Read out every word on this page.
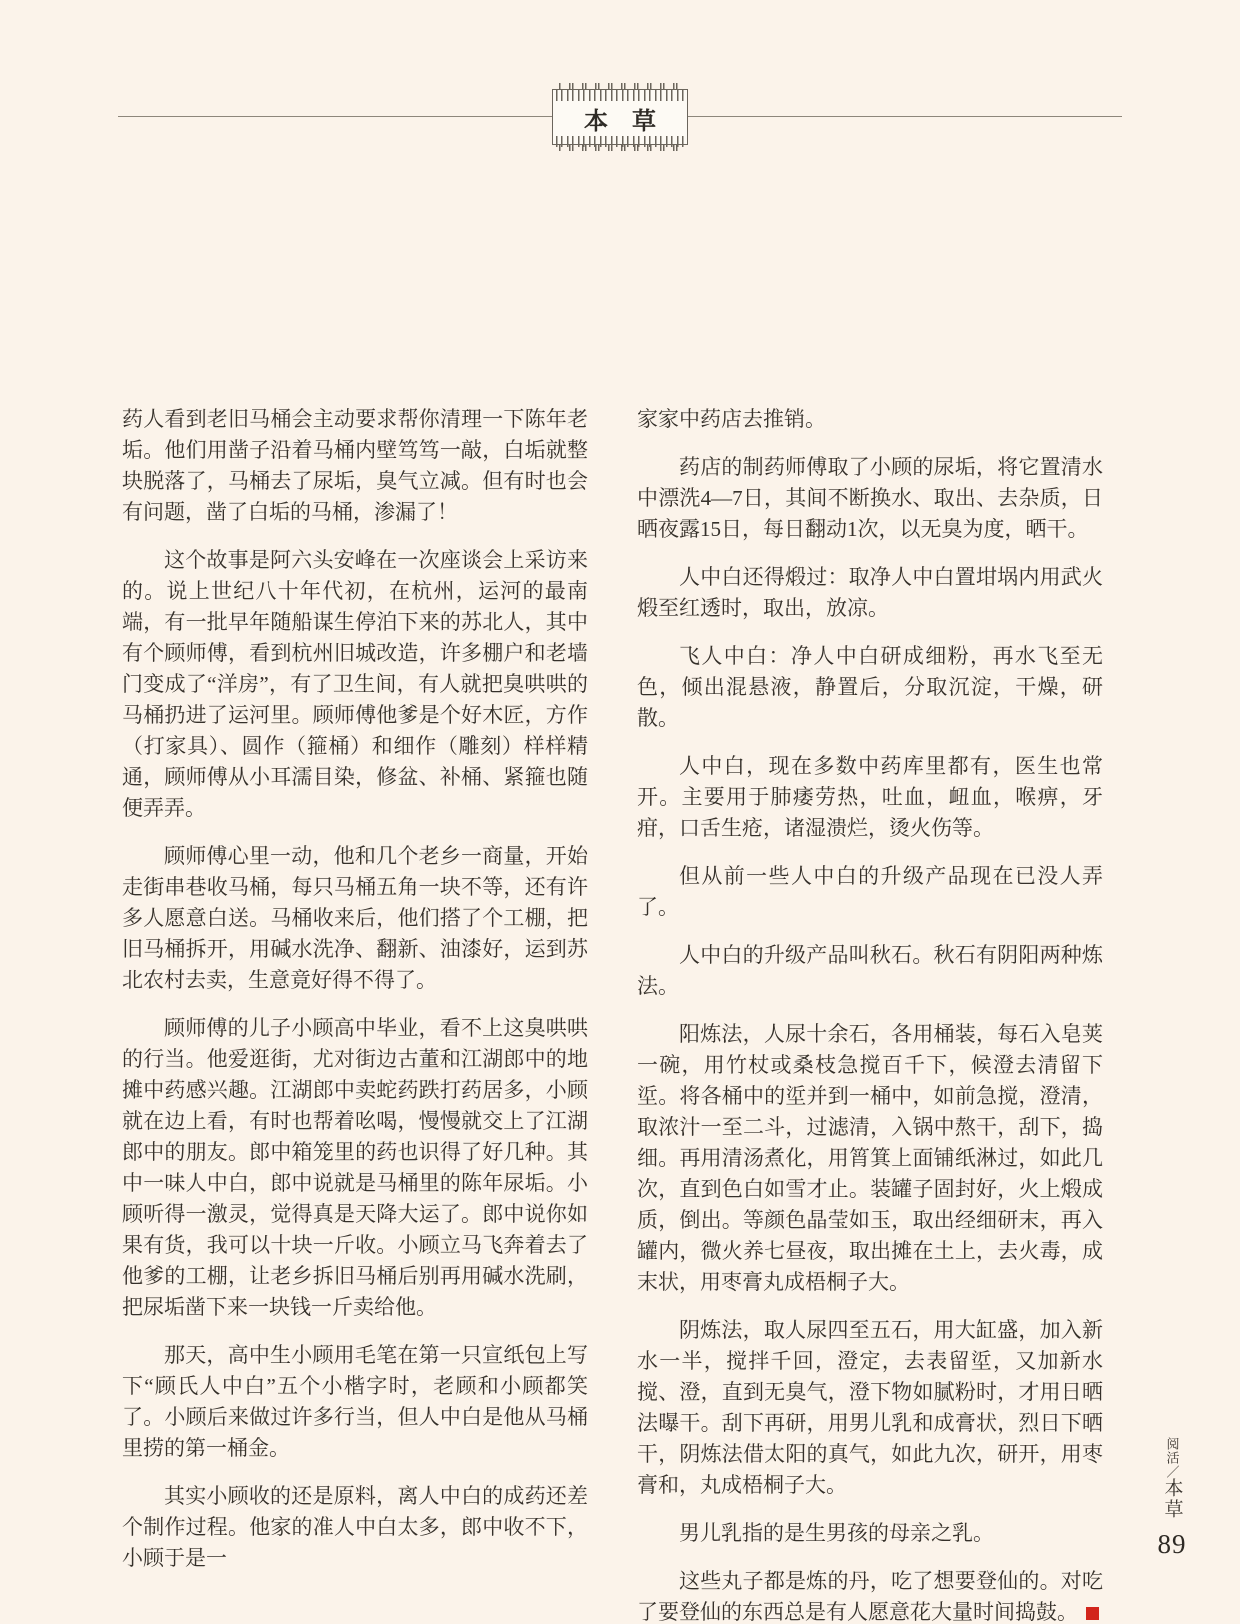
本草

药人看到老旧马桶会主动要求帮你清理一下陈年老垢。他们用凿子沿着马桶内壁笃笃一敲，白垢就整块脱落了，马桶去了尿垢，臭气立减。但有时也会有问题，凿了白垢的马桶，渗漏了！

这个故事是阿六头安峰在一次座谈会上采访来的。说上世纪八十年代初，在杭州，运河的最南端，有一批早年随船谋生停泊下来的苏北人，其中有个顾师傅，看到杭州旧城改造，许多棚户和老墙门变成了“洋房”，有了卫生间，有人就把臭哄哄的马桶扔进了运河里。顾师傅他爹是个好木匠，方作（打家具）、圆作（箍桶）和细作（雕刻）样样精通，顾师傅从小耳濡目染，修盆、补桶、紧箍也随便弄弄。

顾师傅心里一动，他和几个老乡一商量，开始走街串巷收马桶，每只马桶五角一块不等，还有许多人愿意白送。马桶收来后，他们搭了个工棚，把旧马桶拆开，用碱水洗净、翻新、油漆好，运到苏北农村去卖，生意竟好得不得了。

顾师傅的儿子小顾高中毕业，看不上这臭哄哄的行当。他爱逛街，尤对街边古董和江湖郎中的地摊中药感兴趣。江湖郎中卖蛇药跌打药居多，小顾就在边上看，有时也帮着吆喝，慢慢就交上了江湖郎中的朋友。郎中箱笼里的药也识得了好几种。其中一味人中白，郎中说就是马桶里的陈年尿垢。小顾听得一激灵，觉得真是天降大运了。郎中说你如果有货，我可以十块一斤收。小顾立马飞奔着去了他爹的工棚，让老乡拆旧马桶后别再用碱水洗刷，把尿垢凿下来一块钱一斤卖给他。

那天，高中生小顾用毛笔在第一只宣纸包上写下“顾氏人中白”五个小楷字时，老顾和小顾都笑了。小顾后来做过许多行当，但人中白是他从马桶里捞的第一桶金。

其实小顾收的还是原料，离人中白的成药还差个制作过程。他家的准人中白太多，郎中收不下，小顾于是一

家家中药店去推销。

药店的制药师傅取了小顾的尿垢，将它置清水中漂洗4—7日，其间不断换水、取出、去杂质，日晒夜露15日，每日翻动1次，以无臭为度，晒干。

人中白还得煅过：取净人中白置坩埚内用武火煅至红透时，取出，放凉。

飞人中白：净人中白研成细粉，再水飞至无色，倾出混悬液，静置后，分取沉淀，干燥，研散。

人中白，现在多数中药库里都有，医生也常开。主要用于肺痿劳热，吐血，衄血，喉痹，牙疳，口舌生疮，诸湿溃烂，烫火伤等。

但从前一些人中白的升级产品现在已没人弄了。

人中白的升级产品叫秋石。秋石有阴阳两种炼法。

阳炼法，人尿十余石，各用桶装，每石入皂荚一碗，用竹杖或桑枝急搅百千下，候澄去清留下垽。将各桶中的垽并到一桶中，如前急搅，澄清，取浓汁一至二斗，过滤清，入锅中熬干，刮下，捣细。再用清汤煮化，用筲箕上面铺纸淋过，如此几次，直到色白如雪才止。装罐子固封好，火上煅成质，倒出。等颜色晶莹如玉，取出经细研末，再入罐内，微火养七昼夜，取出摊在土上，去火毒，成末状，用枣膏丸成梧桐子大。

阴炼法，取人尿四至五石，用大缸盛，加入新水一半，搅拌千回，澄定，去表留垽，又加新水搅、澄，直到无臭气，澄下物如腻粉时，才用日晒法曝干。刮下再研，用男儿乳和成膏状，烈日下晒干，阴炼法借太阳的真气，如此九次，研开，用枣膏和，丸成梧桐子大。

男儿乳指的是生男孩的母亲之乳。

这些丸子都是炼的丹，吃了想要登仙的。对吃了要登仙的东西总是有人愿意花大量时间捣鼓。

阅活／本草
89
